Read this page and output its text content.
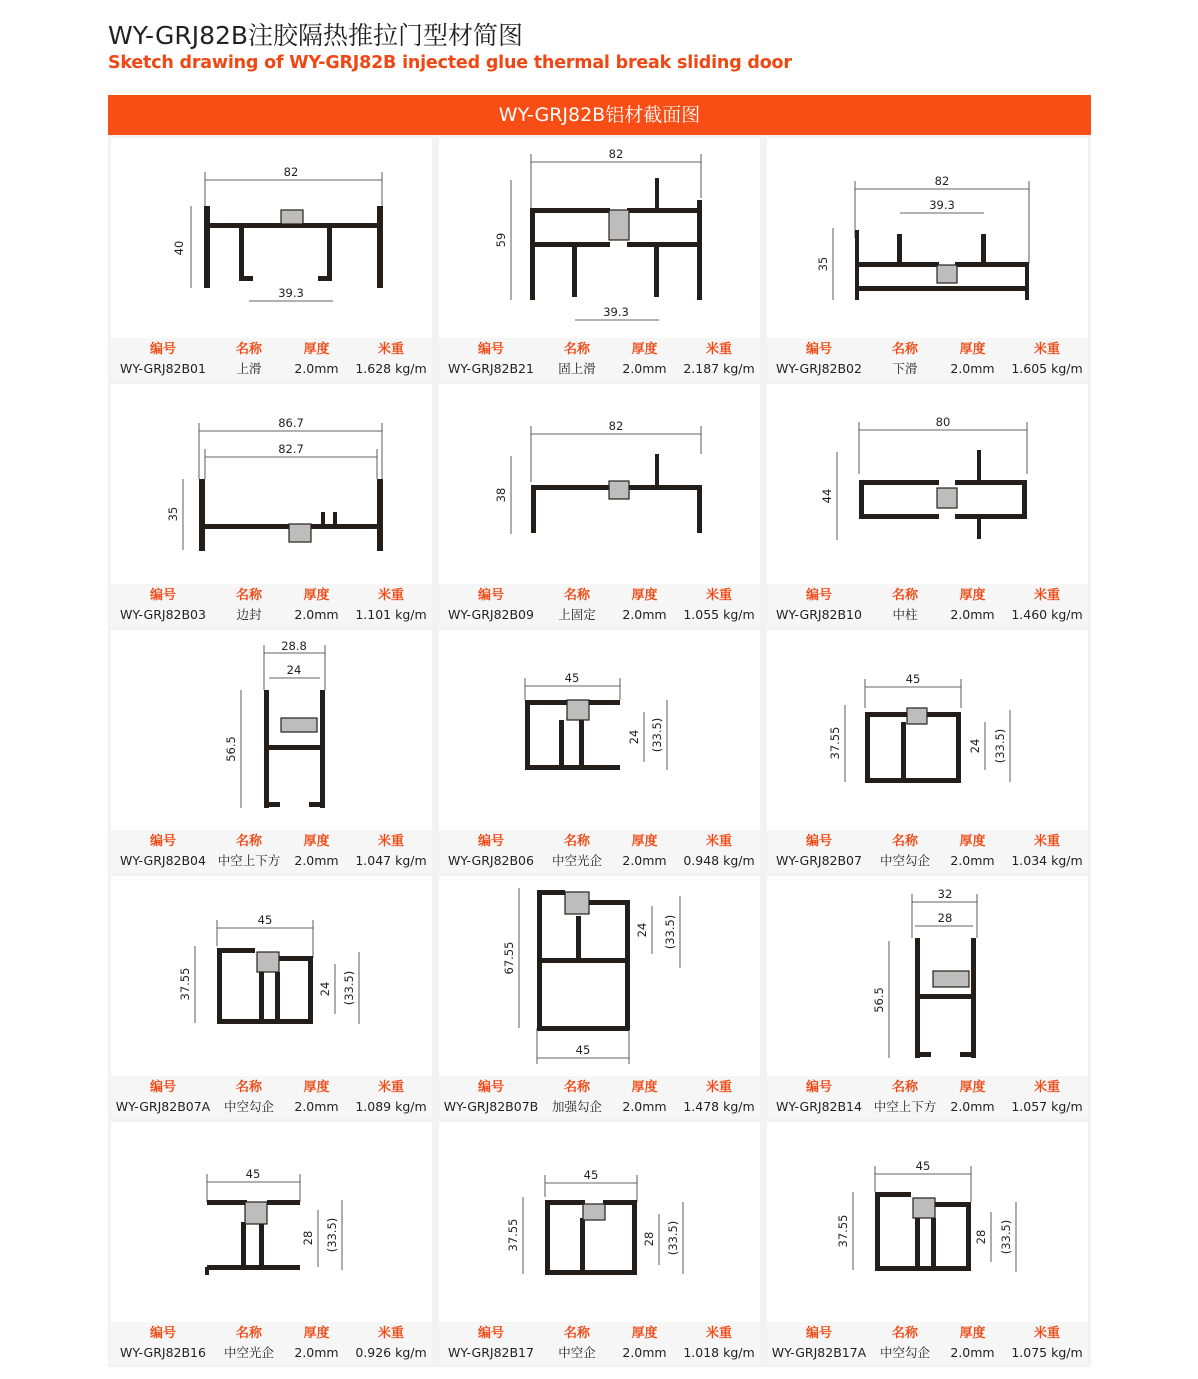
WY-GRJ82B注胶隔热推拉门型材简图
Sketch drawing of WY-GRJ82B injected glue thermal break sliding door
WY-GRJ82B铝材截面图
82
40
39.3
编号	名称	厚度	米重
WY-GRJ82B01	上滑	2.0mm	1.628 kg/m
82
59
39.3
编号	名称	厚度	米重
WY-GRJ82B21	固上滑	2.0mm	2.187 kg/m
82
39.3
35
编号	名称	厚度	米重
WY-GRJ82B02	下滑	2.0mm	1.605 kg/m
86.7
82.7
35
编号	名称	厚度	米重
WY-GRJ82B03	边封	2.0mm	1.101 kg/m
82
38
编号	名称	厚度	米重
WY-GRJ82B09	上固定	2.0mm	1.055 kg/m
80
44
编号	名称	厚度	米重
WY-GRJ82B10	中柱	2.0mm	1.460 kg/m
28.8
24
56.5
编号	名称	厚度	米重
WY-GRJ82B04 中空上下方	2.0mm	1.047 kg/m
45
24 (33.5)
编号	名称	厚度	米重
WY-GRJ82B06	中空光企	2.0mm	0.948 kg/m
45
37.55	24 (33.5)
编号	名称	厚度	米重
WY-GRJ82B07	中空勾企	2.0mm	1.034 kg/m
45
37.55	24 (33.5)
编号	名称	厚度	米重
WY-GRJ82B07A	中空勾企	2.0mm	1.089 kg/m
67.55
24 (33.5)
45
编号	名称	厚度	米重
WY-GRJ82B07B	加强勾企	2.0mm	1.478 kg/m
32
28
56.5
编号	名称	厚度	米重
WY-GRJ82B14 中空上下方	2.0mm	1.057 kg/m
45
28 (33.5)
编号	名称	厚度	米重
WY-GRJ82B16	中空光企	2.0mm	0.926 kg/m
45
37.55	28 (33.5)
编号	名称	厚度	米重
WY-GRJ82B17	中空企	2.0mm	1.018 kg/m
45
37.55	28 (33.5)
编号	名称	厚度	米重
WY-GRJ82B17A	中空勾企	2.0mm	1.075 kg/m
